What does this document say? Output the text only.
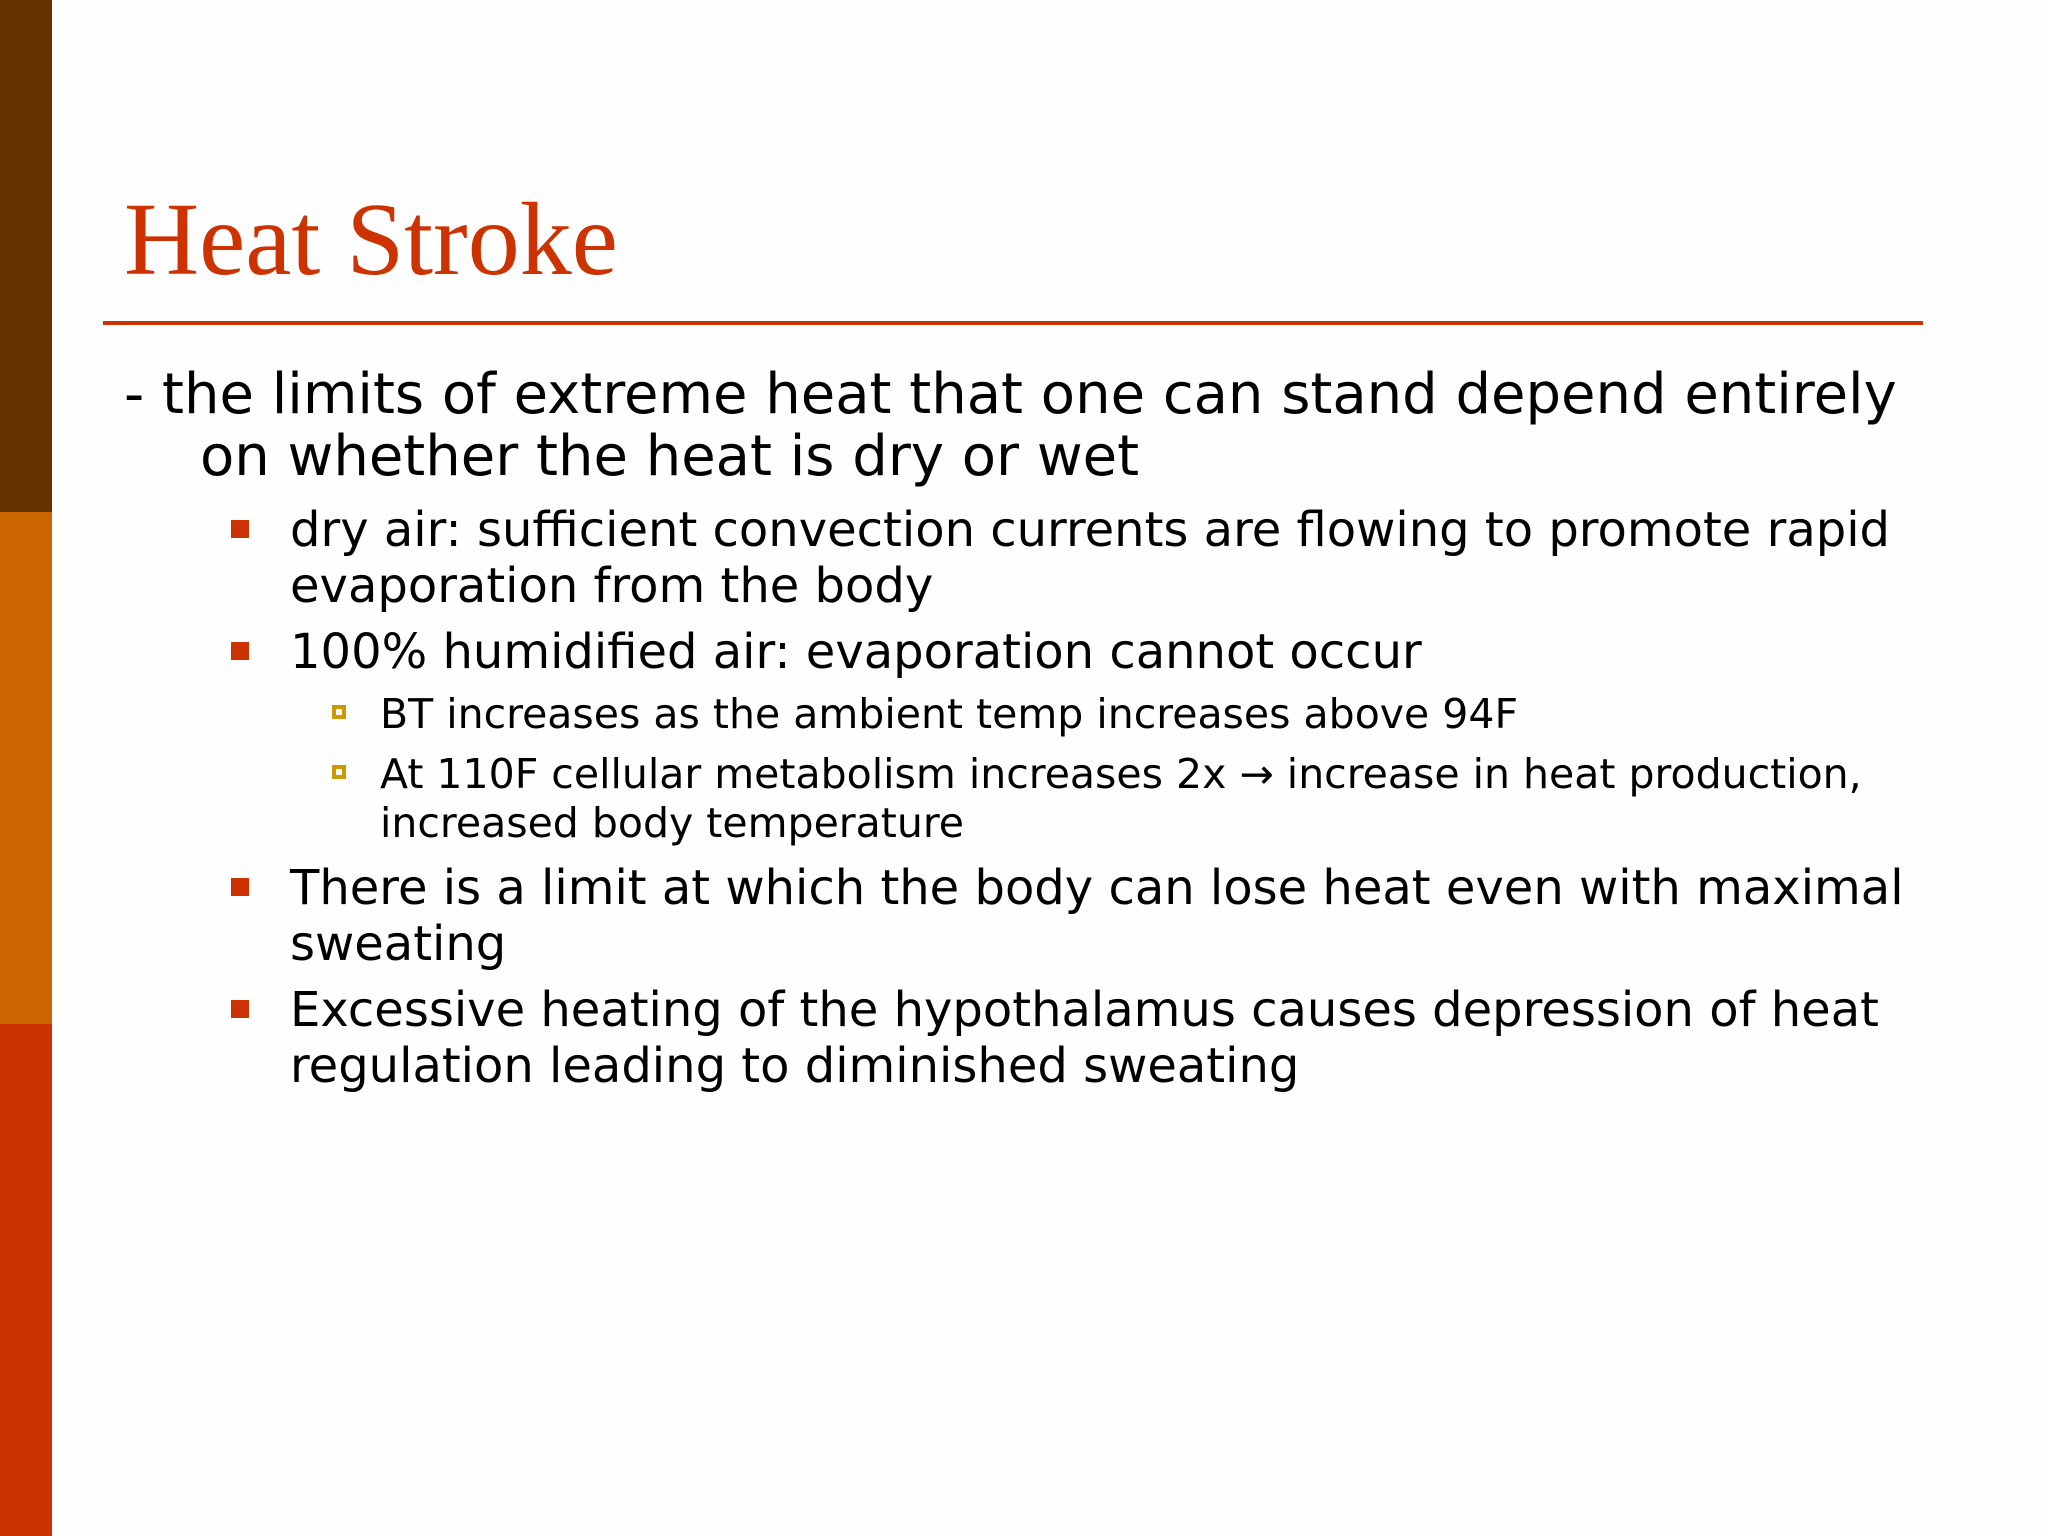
Heat Stroke

- the limits of extreme heat that one can stand depend entirely on whether the heat is dry or wet

dry air: sufficient convection currents are flowing to promote rapid evaporation from the body
100% humidified air: evaporation cannot occur
BT increases as the ambient temp increases above 94F
At 110F cellular metabolism increases 2x → increase in heat production, increased body temperature
There is a limit at which the body can lose heat even with maximal sweating
Excessive heating of the hypothalamus causes depression of heat regulation leading to diminished sweating
